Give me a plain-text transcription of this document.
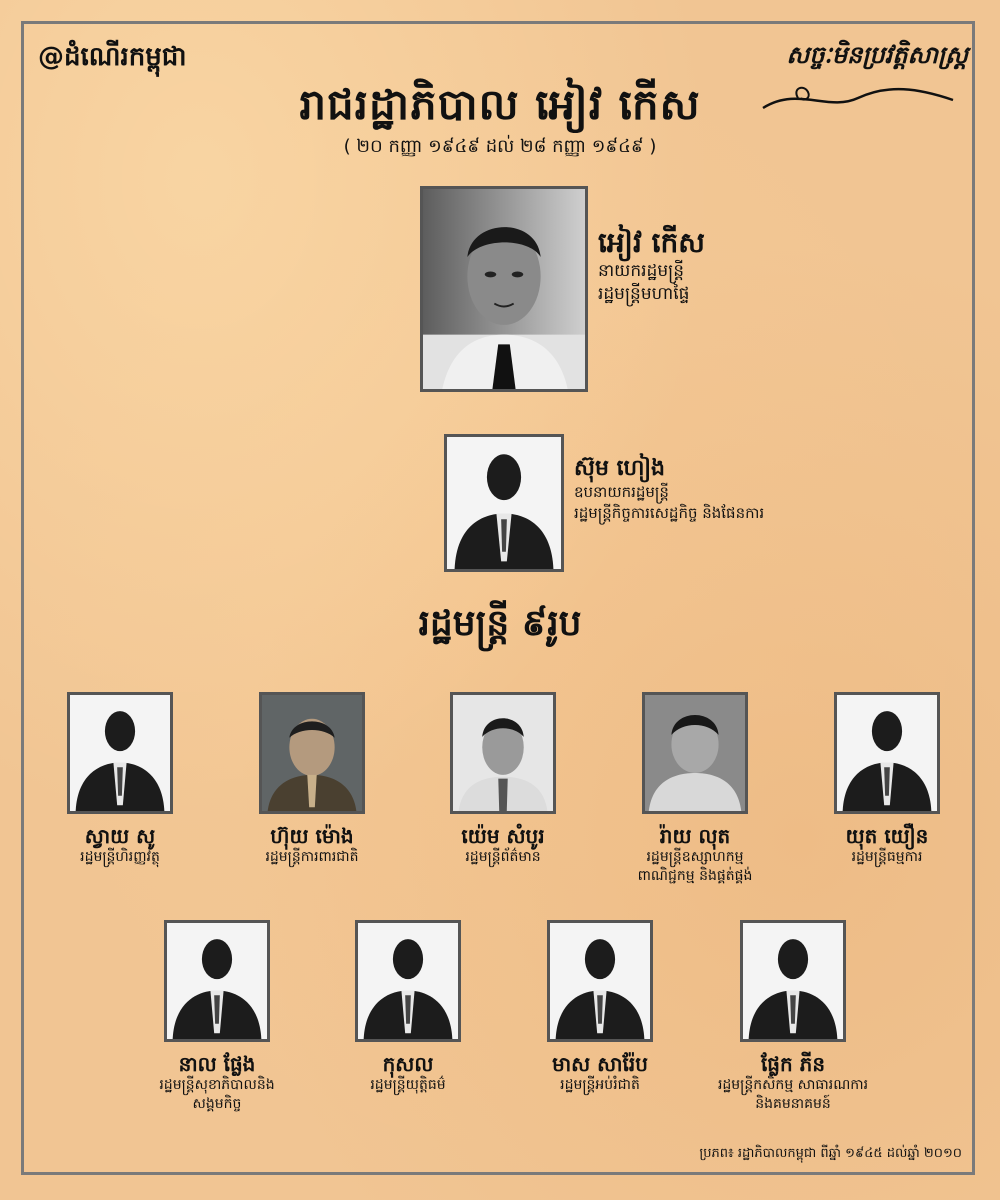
@ដំណើរកម្ពុជា	សច្ចៈមិនប្រវត្តិសាស្ត្រ
រាជរដ្ឋាភិបាល អៀវ កើស
( ២០ កញ្ញា ១៩៤៩ ដល់ ២៨ កញ្ញា ១៩៤៩ )
អៀវ កើស
នាយករដ្ឋមន្ត្រី
រដ្ឋមន្ត្រីមហាផ្ទៃ
ស៊ុម ហៀង
ឧបនាយករដ្ឋមន្ត្រី
រដ្ឋមន្ត្រីកិច្ចការសេដ្ឋកិច្ច និងផែនការ
រដ្ឋមន្ត្រី ៩រូប
ស្វាយ សូ
រដ្ឋមន្ត្រីហិរញ្ញវត្ថុ
ហ៊ុយ ម៉ោង
រដ្ឋមន្ត្រីការពារជាតិ
យ៉េម សំបូរ
រដ្ឋមន្ត្រីព័ត៌មាន
រ៉ាយ លុត
រដ្ឋមន្ត្រីឧស្សាហកម្ម
ពាណិជ្ជកម្ម និងផ្គត់ផ្គង់
យុត យឿន
រដ្ឋមន្ត្រីធម្មការ
នាល ផ្លែង
រដ្ឋមន្ត្រីសុខាភិបាលនិង
សង្គមកិច្ច
កុសល
រដ្ឋមន្ត្រីយុត្តិធម៌
មាស សារ៉ែប
រដ្ឋមន្ត្រីអប់រំជាតិ
ផ្លែក ភីន
រដ្ឋមន្ត្រីកសិកម្ម សាធារណការ
និងគមនាគមន៍
ប្រភព៖ រដ្ឋាភិបាលកម្ពុជា ពីឆ្នាំ ១៩៤៥ ដល់ឆ្នាំ ២០១០
